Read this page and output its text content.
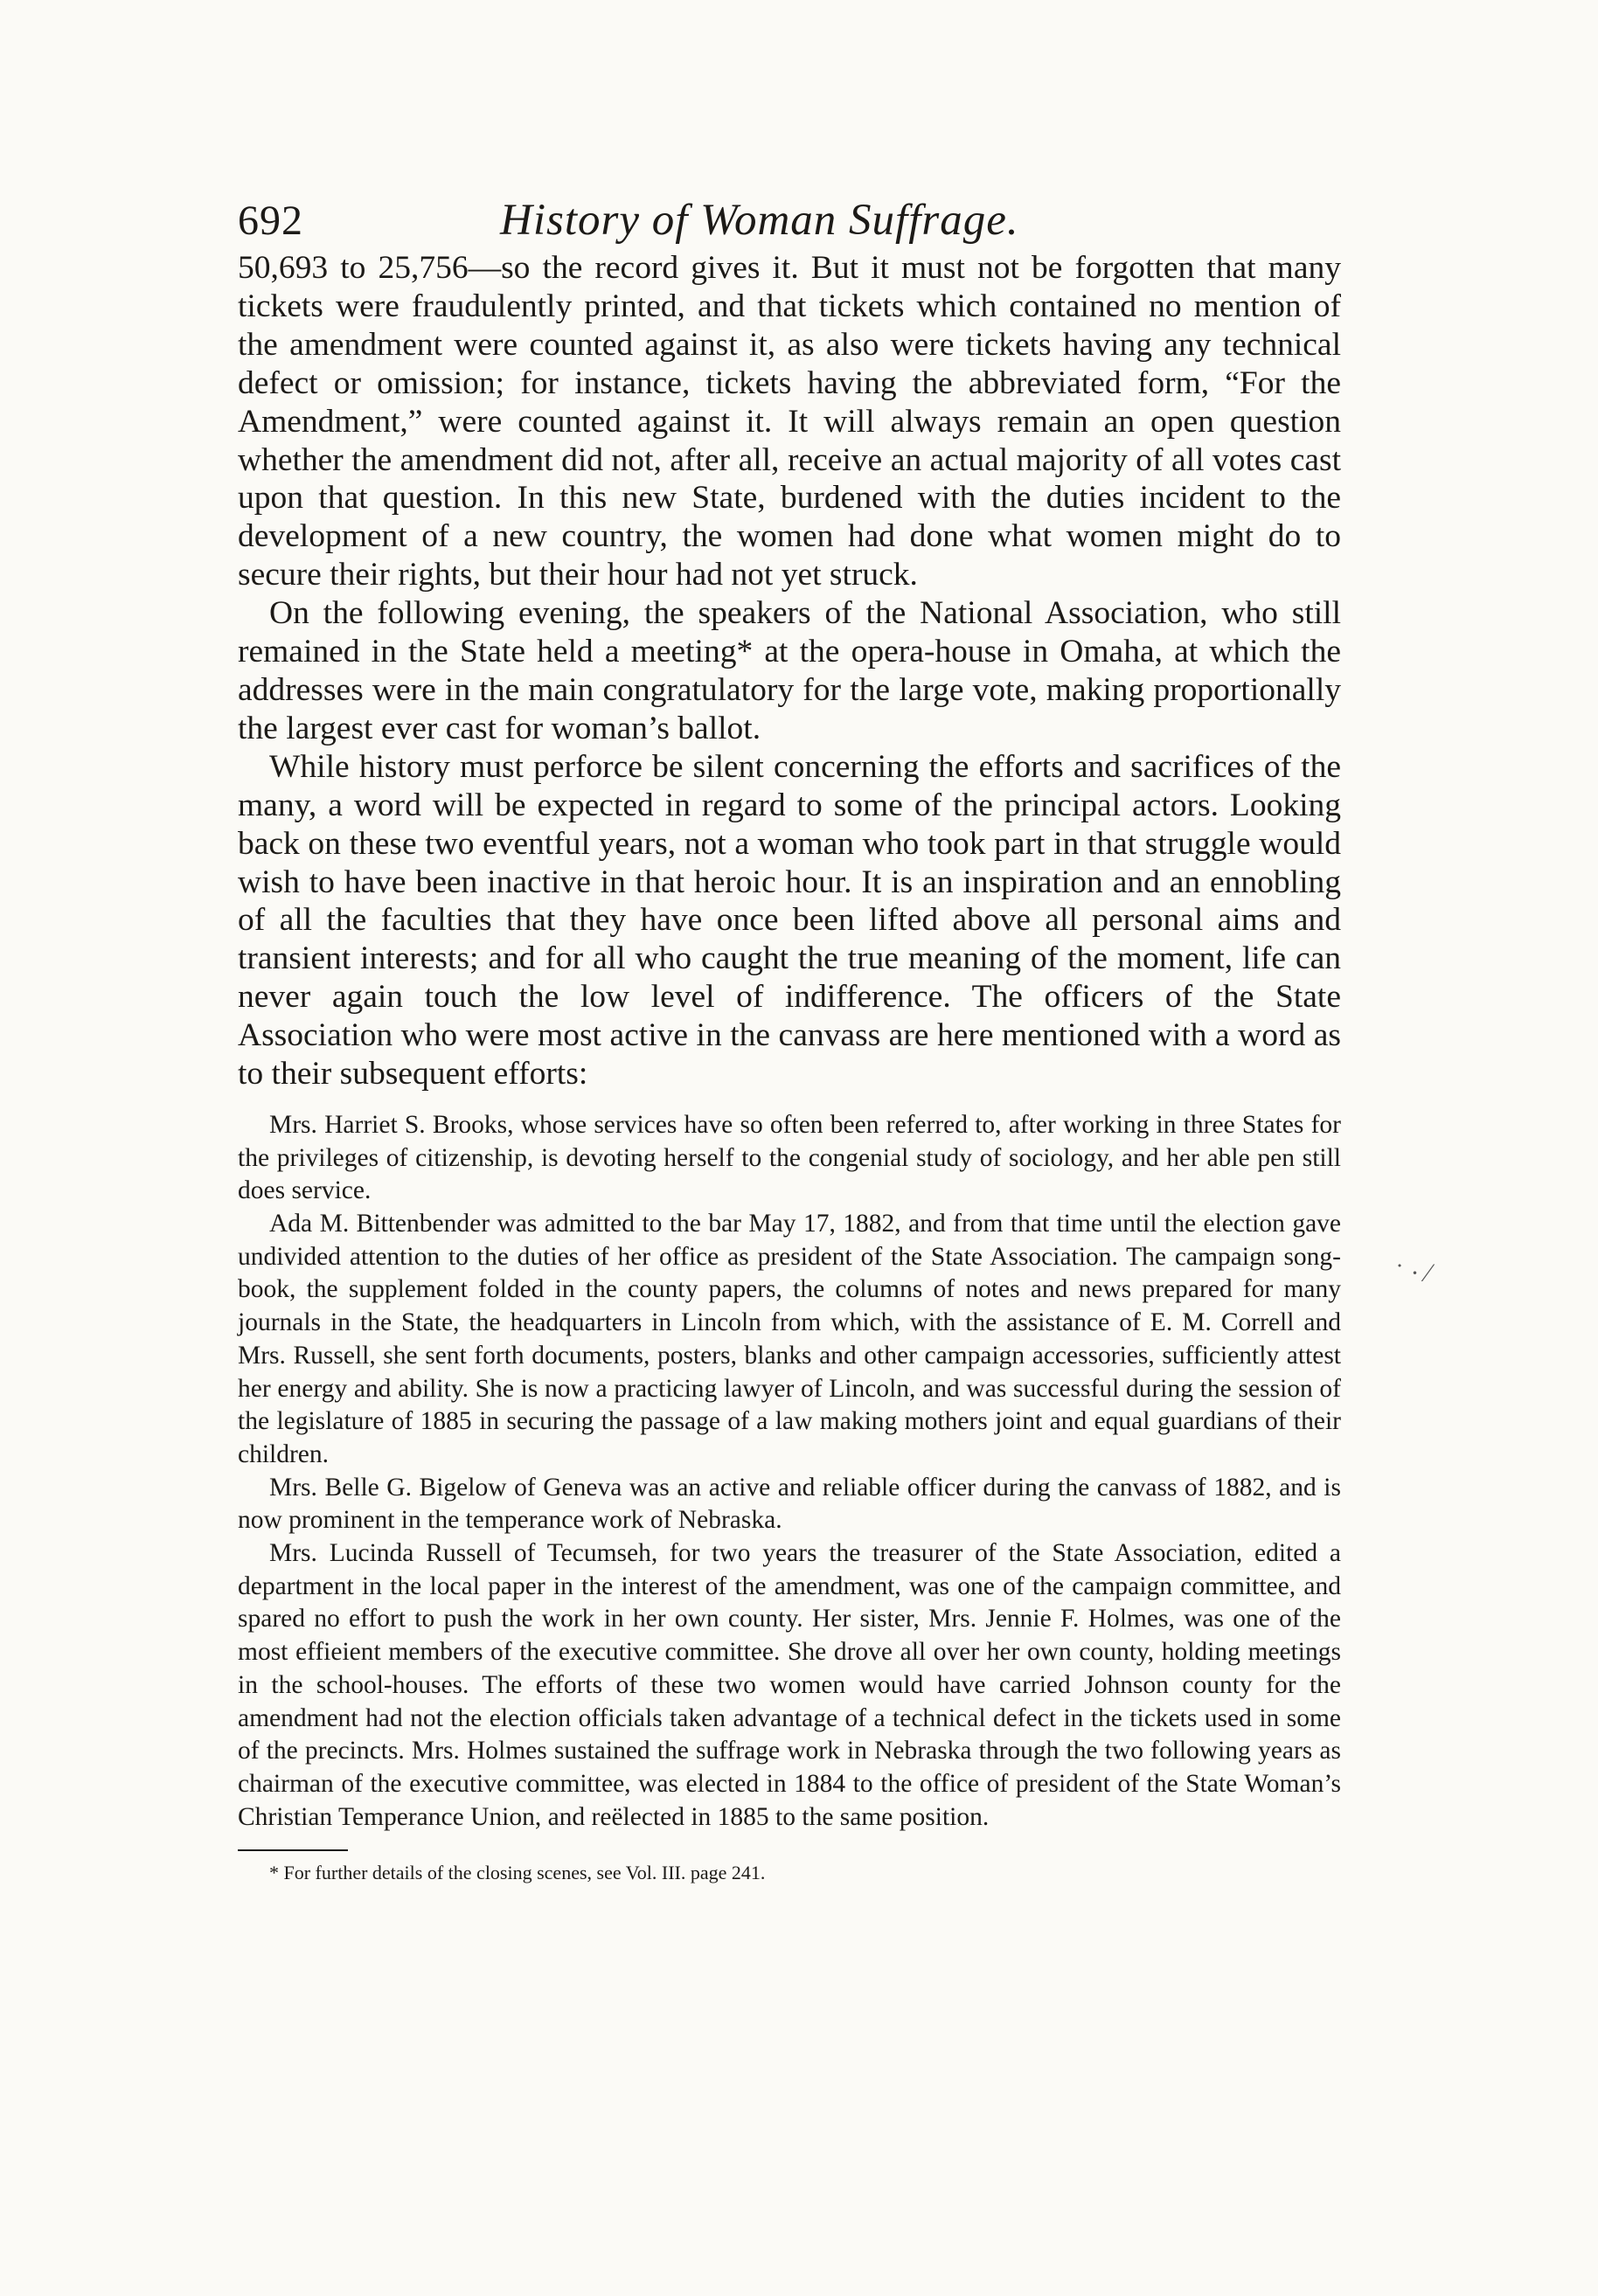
692	History of Woman Suffrage.

50,693 to 25,756—so the record gives it. But it must not be forgotten that many tickets were fraudulently printed, and that tickets which contained no mention of the amendment were counted against it, as also were tickets having any technical defect or omission; for instance, tickets having the abbreviated form, “For the Amendment,” were counted against it. It will always remain an open question whether the amendment did not, after all, receive an actual majority of all votes cast upon that question. In this new State, burdened with the duties incident to the development of a new country, the women had done what women might do to secure their rights, but their hour had not yet struck.

On the following evening, the speakers of the National Association, who still remained in the State held a meeting* at the opera-house in Omaha, at which the addresses were in the main congratulatory for the large vote, making proportionally the largest ever cast for woman’s ballot.

While history must perforce be silent concerning the efforts and sacrifices of the many, a word will be expected in regard to some of the principal actors. Looking back on these two eventful years, not a woman who took part in that struggle would wish to have been inactive in that heroic hour. It is an inspiration and an ennobling of all the faculties that they have once been lifted above all personal aims and transient interests; and for all who caught the true meaning of the moment, life can never again touch the low level of indifference. The officers of the State Association who were most active in the canvass are here mentioned with a word as to their subsequent efforts:

Mrs. Harriet S. Brooks, whose services have so often been referred to, after working in three States for the privileges of citizenship, is devoting herself to the congenial study of sociology, and her able pen still does service.

Ada M. Bittenbender was admitted to the bar May 17, 1882, and from that time until the election gave undivided attention to the duties of her office as president of the State Association. The campaign song-book, the supplement folded in the county papers, the columns of notes and news prepared for many journals in the State, the headquarters in Lincoln from which, with the assistance of E. M. Correll and Mrs. Russell, she sent forth documents, posters, blanks and other campaign accessories, sufficiently attest her energy and ability. She is now a practicing lawyer of Lincoln, and was successful during the session of the legislature of 1885 in securing the passage of a law making mothers joint and equal guardians of their children.

Mrs. Belle G. Bigelow of Geneva was an active and reliable officer during the canvass of 1882, and is now prominent in the temperance work of Nebraska.

Mrs. Lucinda Russell of Tecumseh, for two years the treasurer of the State Association, edited a department in the local paper in the interest of the amendment, was one of the campaign committee, and spared no effort to push the work in her own county. Her sister, Mrs. Jennie F. Holmes, was one of the most effieient members of the executive committee. She drove all over her own county, holding meetings in the school-houses. The efforts of these two women would have carried Johnson county for the amendment had not the election officials taken advantage of a technical defect in the tickets used in some of the precincts. Mrs. Holmes sustained the suffrage work in Nebraska through the two following years as chairman of the executive committee, was elected in 1884 to the office of president of the State Woman’s Christian Temperance Union, and reëlected in 1885 to the same position.

* For further details of the closing scenes, see Vol. III. page 241.
˙ · ⁄
